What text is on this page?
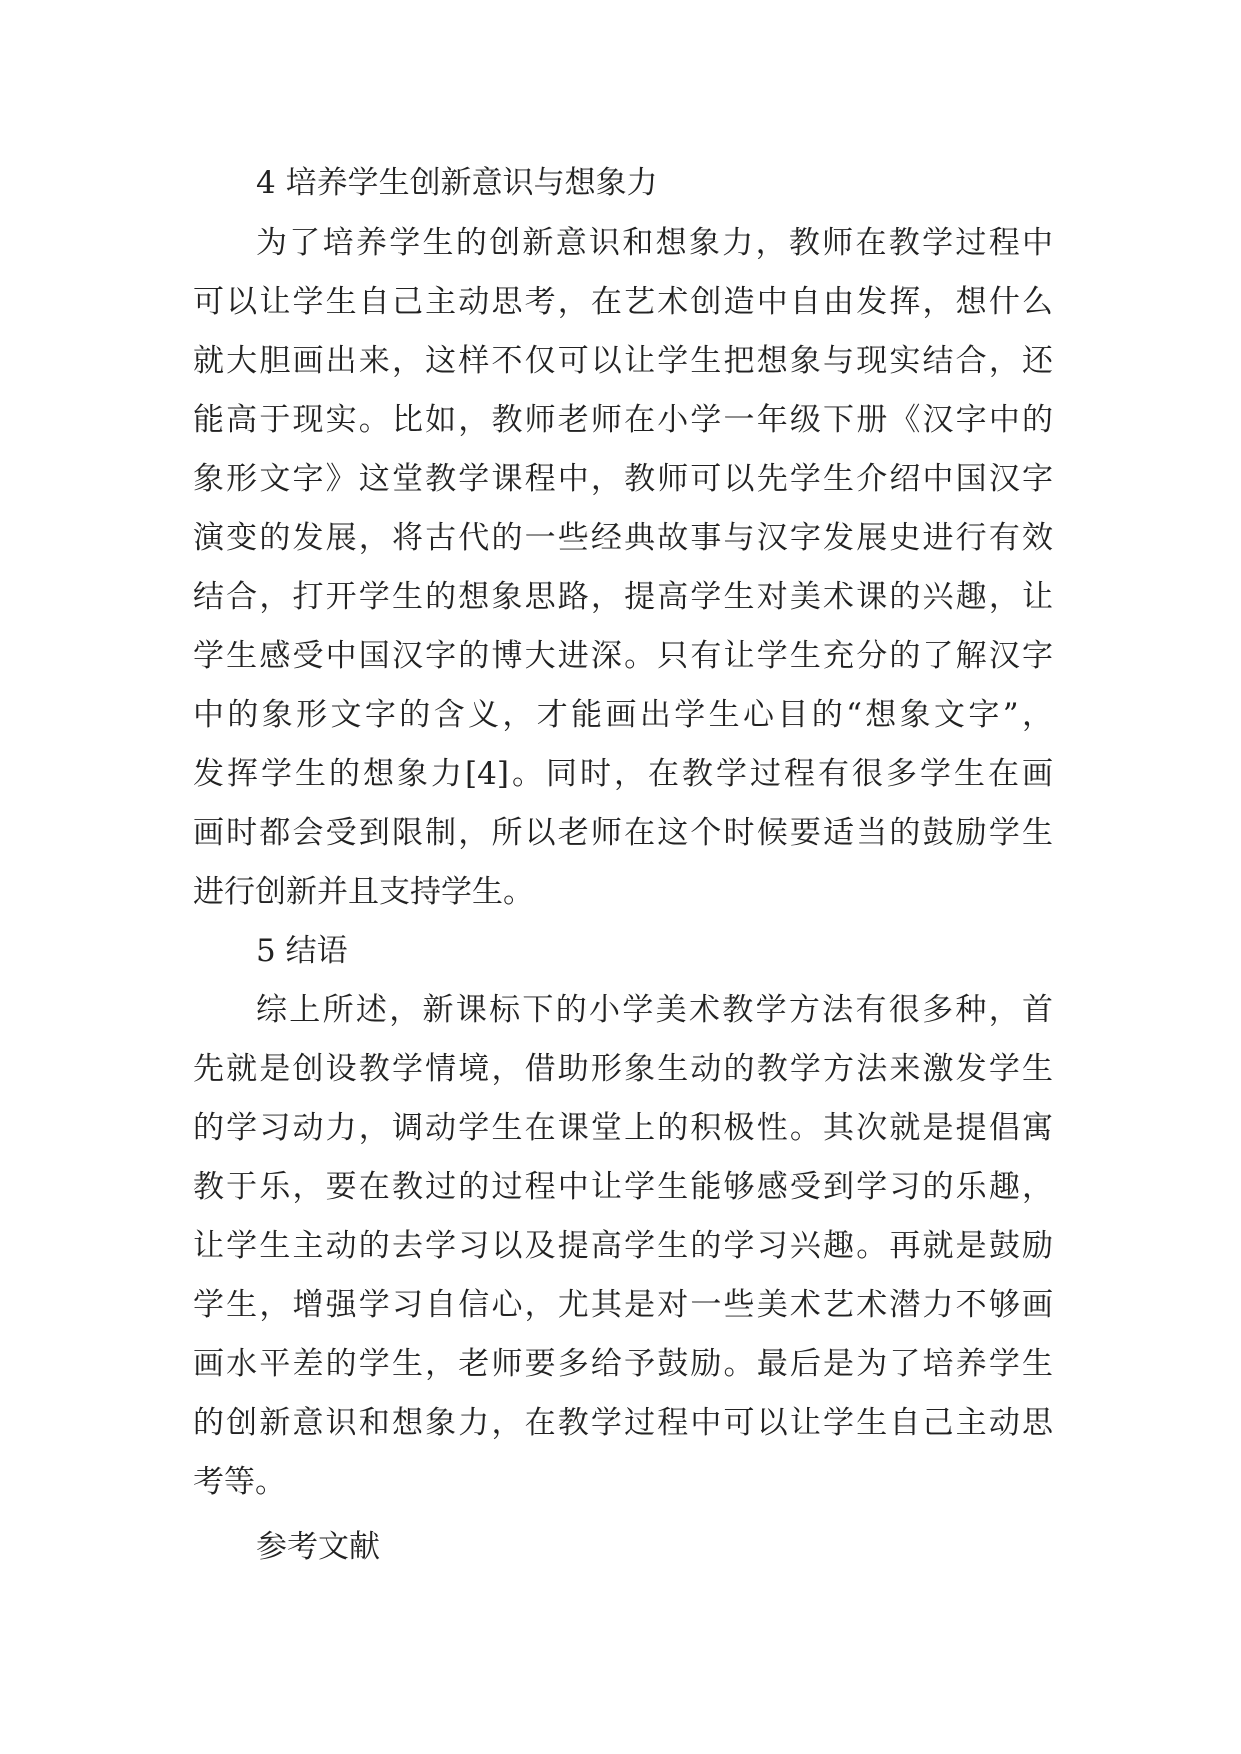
4 培养学生创新意识与想象力
为了培养学生的创新意识和想象力，教师在教学过程中
可以让学生自己主动思考，在艺术创造中自由发挥，想什么
就大胆画出来，这样不仅可以让学生把想象与现实结合，还
能高于现实。比如，教师老师在小学一年级下册《汉字中的
象形文字》这堂教学课程中，教师可以先学生介绍中国汉字
演变的发展，将古代的一些经典故事与汉字发展史进行有效
结合，打开学生的想象思路，提高学生对美术课的兴趣，让
学生感受中国汉字的博大进深。只有让学生充分的了解汉字
中的象形文字的含义，才能画出学生心目的“想象文字”，
发挥学生的想象力[4]。同时，在教学过程有很多学生在画
画时都会受到限制，所以老师在这个时候要适当的鼓励学生
进行创新并且支持学生。
5 结语
综上所述，新课标下的小学美术教学方法有很多种，首
先就是创设教学情境，借助形象生动的教学方法来激发学生
的学习动力，调动学生在课堂上的积极性。其次就是提倡寓
教于乐，要在教过的过程中让学生能够感受到学习的乐趣，
让学生主动的去学习以及提高学生的学习兴趣。再就是鼓励
学生，增强学习自信心，尤其是对一些美术艺术潜力不够画
画水平差的学生，老师要多给予鼓励。最后是为了培养学生
的创新意识和想象力，在教学过程中可以让学生自己主动思
考等。
参考文献
